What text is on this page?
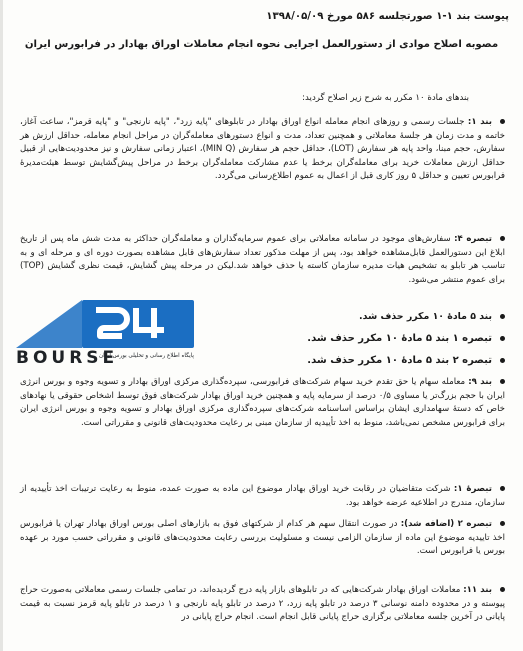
پیوست بند ۱-۱ صورتجلسه ۵۸۶ مورخ ۱۳۹۸/۰۵/۰۹
مصوبه اصلاح موادی از دستورالعمل اجرایی نحوه انجام معاملات اوراق بهادار در فرابورس ایران
بندهای مادة ۱۰ مکرر به شرح زیر اصلاح گردید:

بند ۱: جلسات رسمی و روزهای انجام معامله انواع اوراق بهادار در تابلوهای "پایه زرد"، "پایه نارنجی" و "پایه قرمز"، ساعت آغاز، خاتمه و مدت زمان هر جلسهٔ معاملاتی و همچنین تعداد، مدت و انواع دستورهای معامله‌گران در مراحل انجام معامله، حداقل ارزش هر سفارش، حجم مبنا، واحد پایه هر سفارش (LOT)، حداقل حجم هر سفارش (MIN Q)، اعتبار زمانی سفارش و نیز محدودیت‌هایی از قبیل حداقل ارزش معاملات خرید برای معامله‌گران برخط یا عدم مشارکت معامله‌گران برخط در مراحل پیش‌گشایش توسط هیئت‌مدیرهٔ فرابورس تعیین و حداقل ۵ روز کاری قبل از اعمال به عموم اطلاع‌رسانی می‌گردد.

تبصره ۴: سفارش‌های موجود در سامانه معاملاتی برای عموم سرمایه‌گذاران و معامله‌گران حداکثر به مدت شش ماه پس از تاریخ ابلاغ این دستورالعمل قابل‌مشاهده خواهد بود، پس از مهلت مذکور تعداد سفارش‌های قابل مشاهده بصورت دوره ای و مرحله ای و به تناسب هر تابلو به تشخیص هیات مدیره سازمان کاسته یا حذف خواهد شد.لیکن در مرحله پیش گشایش، قیمت نظری گشایش (TOP) برای عموم منتشر می‌شود.

بند ۵ مادهٔ ۱۰ مکرر حذف شد.

تبصره ۱ بند ۵ مادهٔ ۱۰ مکرر حذف شد.

تبصره ۲ بند ۵ مادهٔ ۱۰ مکرر حذف شد.

بند ۹: معامله سهام یا حق تقدم خرید سهام شرکت‌های فرابورسی، سپرده‌گذاری مرکزی اوراق بهادار و تسویه وجوه و بورس انرژی ایران با حجم بزرگ‌تر یا مساوی ۰/۵ درصد از سرمایه پایه و همچنین خرید اوراق بهادار شرکت‌های فوق توسط اشخاص حقوقی یا نهادهای خاص که دستهٔ سهامداری ایشان براساس اساسنامه شرکت‌های سپرده‌گذاری مرکزی اوراق بهادار و تسویه وجوه و بورس انرژی ایران برای فرابورس مشخص نمی‌باشد، منوط به اخذ تأییدیه از سازمان مبنی بر رعایت محدودیت‌های قانونی و مقرراتی است.

تبصرهٔ ۱: شرکت متقاضیان در رقابت خرید اوراق بهادار موضوع این ماده به صورت عمده، منوط به رعایت ترتیبات اخذ تأییدیه از سازمان، مندرج در اطلاعیه عرضه خواهد بود.

تبصره ۲ (اضافه شد): در صورت انتقال سهم هر کدام از شرکتهای فوق به بازارهای اصلی بورس اوراق بهادار تهران یا فرابورس اخذ تاییدیه موضوع این ماده از سازمان الزامی نیست و مسئولیت بررسی رعایت محدودیت‌های قانونی و مقرراتی حسب مورد بر عهده بورس یا فرابورس است.

بند ۱۱: معاملات اوراق بهادار شرکت‌هایی که در تابلوهای بازار پایه درج گردیده‌اند، در تمامی جلسات رسمی معاملاتی به‌صورت حراج پیوسته و در محدوده دامنه نوسانی ۳ درصد در تابلو پایه زرد، ۲ درصد در تابلو پایه نارنجی و ۱ درصد در تابلو پایه قرمز نسبت به قیمت پایانی در آخرین جلسه معاملاتی برگزاری حراج پایانی قابل انجام است. انجام حراج پایانی در

BOURSE
پایگاه اطلاع رسانی و تحلیلی بورس ایران
